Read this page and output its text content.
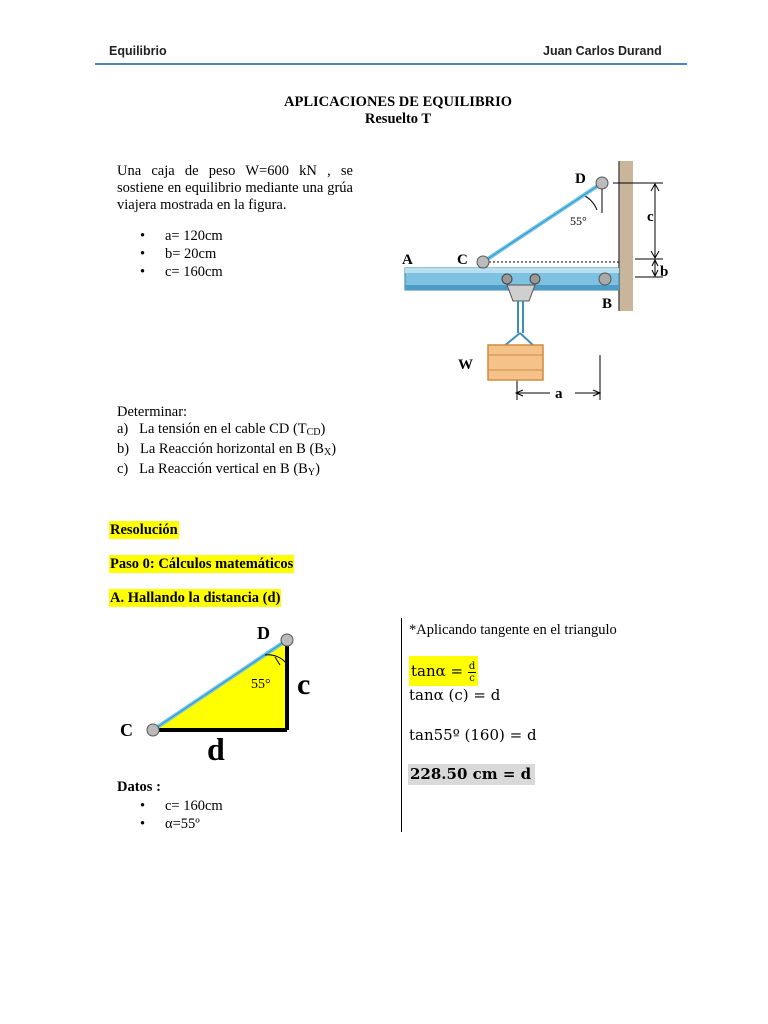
Equilibrio	Juan Carlos Durand
APLICACIONES DE EQUILIBRIO
Resuelto T
Una caja de peso W=600 kN , se sostiene en equilibrio mediante una grúa viajera mostrada en la figura.
• a= 120cm
• b= 20cm
• c= 160cm
D
C
A
B
W
a
b
c
55°
Determinar:
a) La tensión en el cable CD $(T_{CD})$
b) La Reacción horizontal en B $(B_X)$
c) La Reacción vertical en B $(B_Y)$
Resolución
Paso 0: Cálculos matemáticos
A. Hallando la distancia (d)
D
C
c
d
55°
Datos :
• c= 160cm
• α=55º
*Aplicando tangente en el triangulo
$\tan\alpha = \frac{d}{c}$
tanα (c) = d
tan55º (160) = d
228.50 cm = d
